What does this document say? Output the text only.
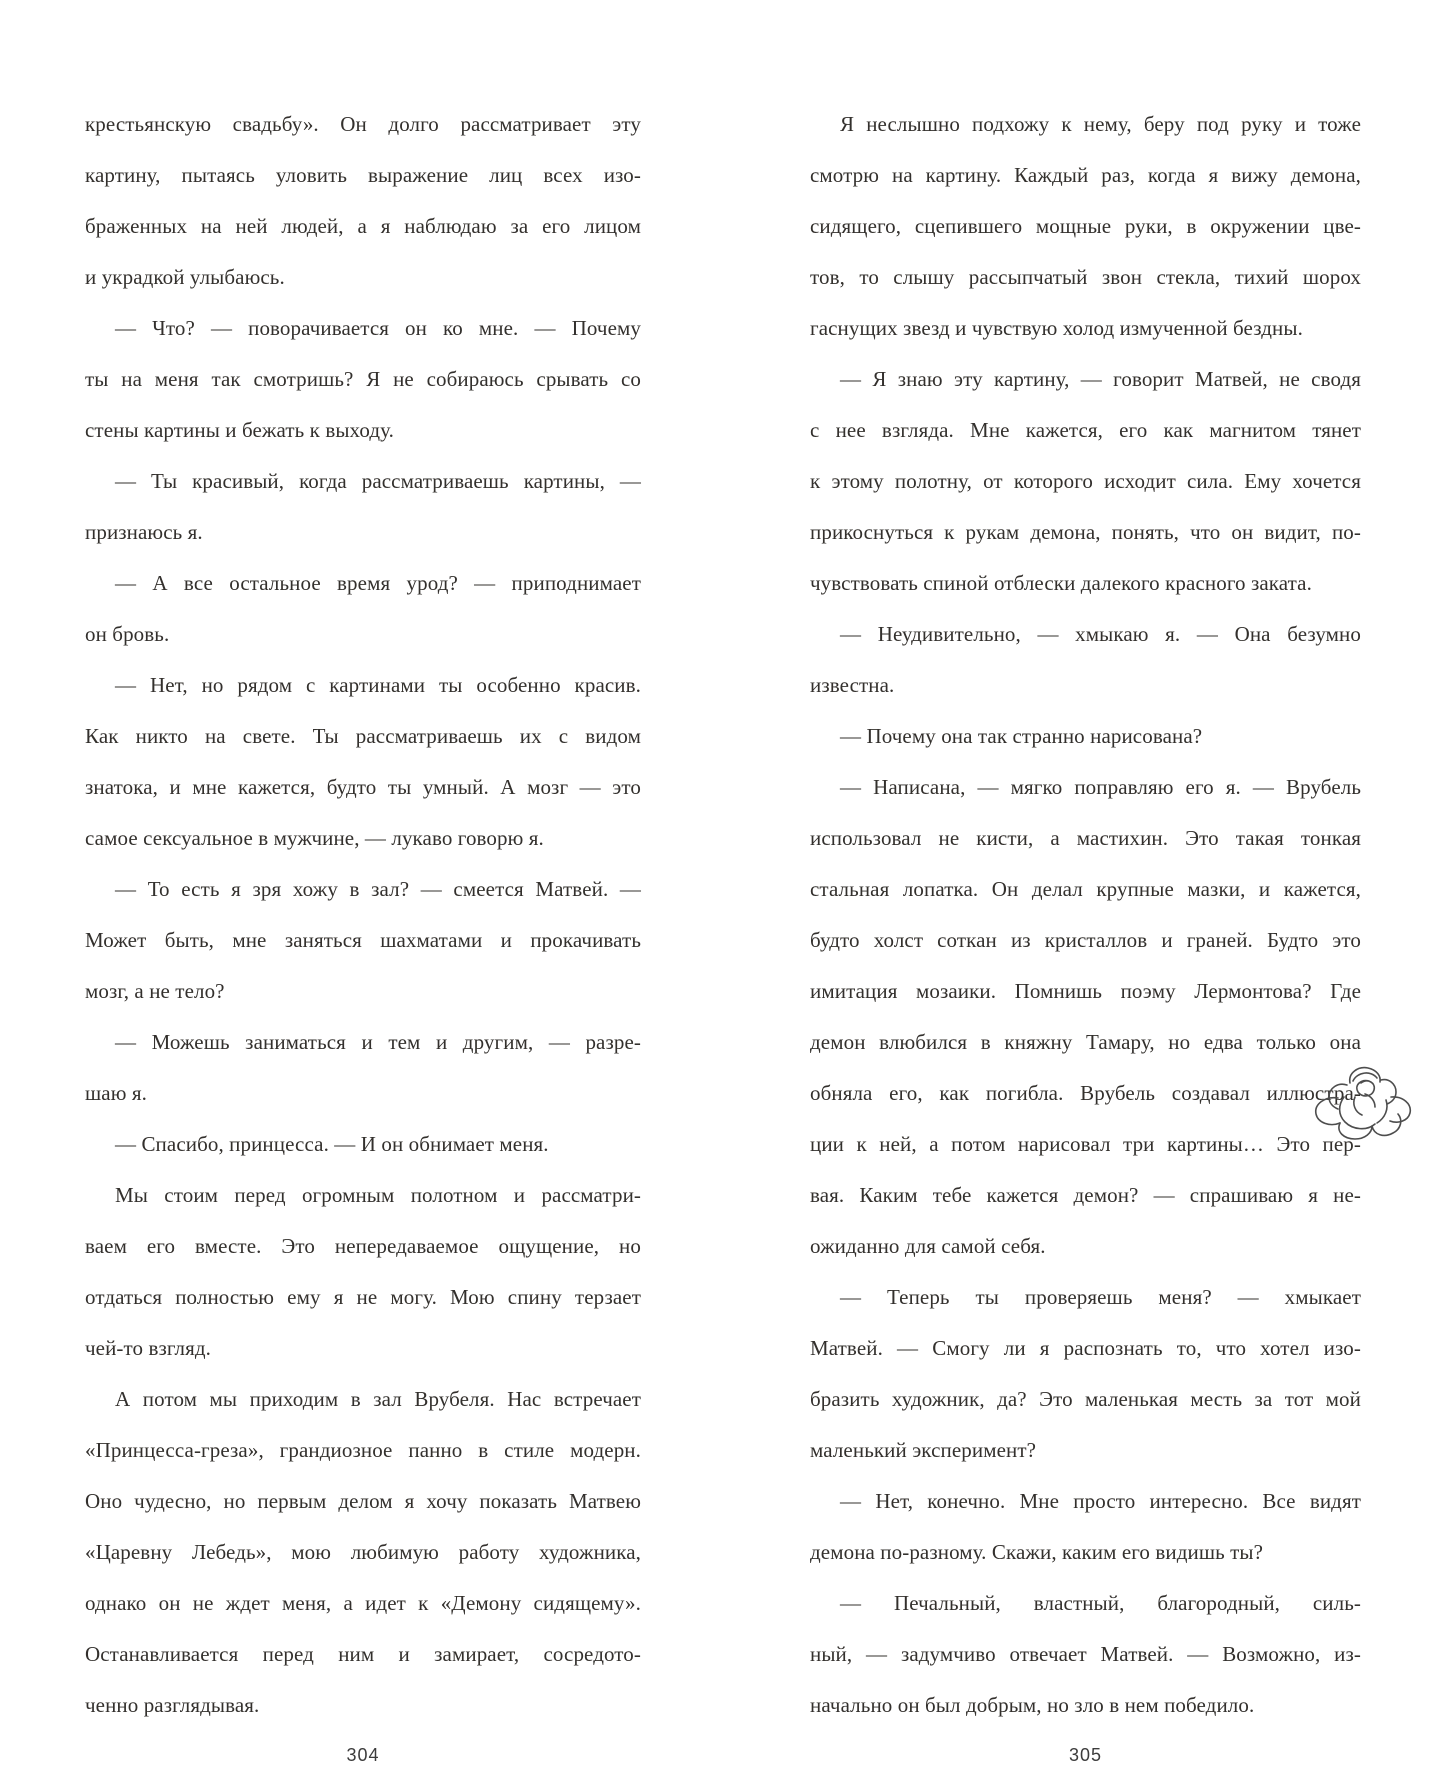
крестьянскую свадьбу». Он долго рассматривает эту

картину, пытаясь уловить выражение лиц всех изо-

браженных на ней людей, а я наблюдаю за его лицом

и украдкой улыбаюсь.

— Что? — поворачивается он ко мне. — Почему

ты на меня так смотришь? Я не собираюсь срывать со

стены картины и бежать к выходу.

— Ты красивый, когда рассматриваешь картины, —

признаюсь я.

— А все остальное время урод? — приподнимает

он бровь.

— Нет, но рядом с картинами ты особенно красив.

Как никто на свете. Ты рассматриваешь их с видом

знатока, и мне кажется, будто ты умный. А мозг — это

самое сексуальное в мужчине, — лукаво говорю я.

— То есть я зря хожу в зал? — смеется Матвей. —

Может быть, мне заняться шахматами и прокачивать

мозг, а не тело?

— Можешь заниматься и тем и другим, — разре-

шаю я.

— Спасибо, принцесса. — И он обнимает меня.

Мы стоим перед огромным полотном и рассматри-

ваем его вместе. Это непередаваемое ощущение, но

отдаться полностью ему я не могу. Мою спину терзает

чей-то взгляд.

А потом мы приходим в зал Врубеля. Нас встречает

«Принцесса-греза», грандиозное панно в стиле модерн.

Оно чудесно, но первым делом я хочу показать Матвею

«Царевну Лебедь», мою любимую работу художника,

однако он не ждет меня, а идет к «Демону сидящему».

Останавливается перед ним и замирает, сосредото-

ченно разглядывая.

304

Я неслышно подхожу к нему, беру под руку и тоже

смотрю на картину. Каждый раз, когда я вижу демона,

сидящего, сцепившего мощные руки, в окружении цве-

тов, то слышу рассыпчатый звон стекла, тихий шорох

гаснущих звезд и чувствую холод измученной бездны.

— Я знаю эту картину, — говорит Матвей, не сводя

с нее взгляда. Мне кажется, его как магнитом тянет

к этому полотну, от которого исходит сила. Ему хочется

прикоснуться к рукам демона, понять, что он видит, по-

чувствовать спиной отблески далекого красного заката.

— Неудивительно, — хмыкаю я. — Она безумно

известна.

— Почему она так странно нарисована?

— Написана, — мягко поправляю его я. — Врубель

использовал не кисти, а мастихин. Это такая тонкая

стальная лопатка. Он делал крупные мазки, и кажется,

будто холст соткан из кристаллов и граней. Будто это

имитация мозаики. Помнишь поэму Лермонтова? Где

демон влюбился в княжну Тамару, но едва только она

обняла его, как погибла. Врубель создавал иллюстра-

ции к ней, а потом нарисовал три картины… Это пер-

вая. Каким тебе кажется демон? — спрашиваю я не-

ожиданно для самой себя.

— Теперь ты проверяешь меня? — хмыкает

Матвей. — Смогу ли я распознать то, что хотел изо-

бразить художник, да? Это маленькая месть за тот мой

маленький эксперимент?

— Нет, конечно. Мне просто интересно. Все видят

демона по-разному. Скажи, каким его видишь ты?

— Печальный, властный, благородный, силь-

ный, — задумчиво отвечает Матвей. — Возможно, из-

начально он был добрым, но зло в нем победило.

305
